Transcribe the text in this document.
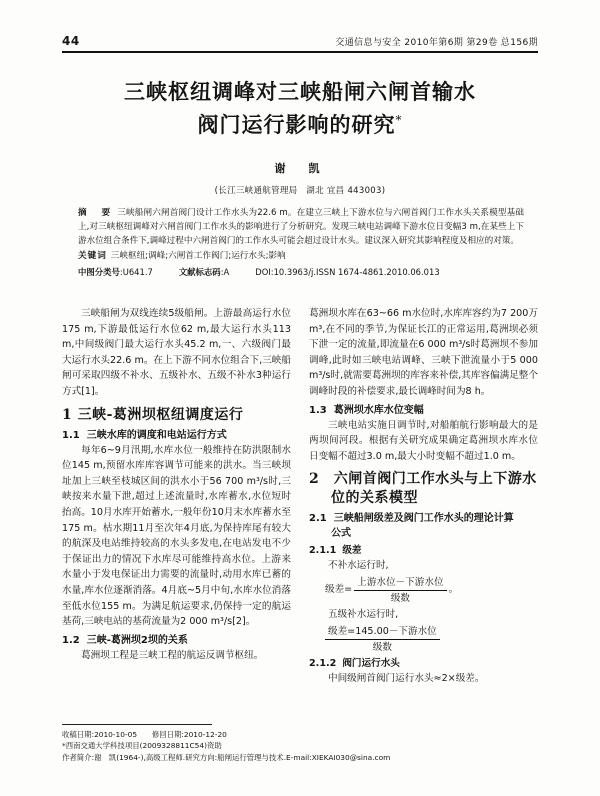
44	交通信息与安全 2010年第6期 第29卷 总156期
三峡枢纽调峰对三峡船闸六闸首输水
阀门运行影响的研究*
谢　凯
(长江三峡通航管理局　湖北 宜昌 443003)

摘　要 三峡船闸六闸首阀门设计工作水头为22.6 m。在建立三峡上下游水位与六闸首阀门工作水头关系模型基础上,对三峡枢纽调峰对六闸首阀门工作水头的影响进行了分析研究。发现三峡电站调峰下游水位日变幅3 m,在某些上下游水位组合条件下,调峰过程中六闸首阀门的工作水头可能会超过设计水头。建议深入研究其影响程度及相应的对策。

关键词 三峡枢纽;调峰;六闸首工作阀门;运行水头;影响

中图分类号:U641.7	文献标志码:A	DOI:10.3963/j.ISSN 1674-4861.2010.06.013

三峡船闸为双线连续5级船闸。上游最高运行水位175 m,下游最低运行水位62 m,最大运行水头113 m,中间级阀门最大运行水头45.2 m,一、六级阀门最大运行水头22.6 m。在上下游不同水位组合下,三峡船闸可采取四级不补水、五级补水、五级不补水3种运行方式[1]。

1 三峡-葛洲坝枢纽调度运行
1.1 三峡水库的调度和电站运行方式

每年6~9月汛期,水库水位一般维持在防洪限制水位145 m,预留水库库容调节可能来的洪水。当三峡坝址加上三峡至枝城区间的洪水小于56 700 m³/s时,三峡按来水量下泄,超过上述流量时,水库蓄水,水位短时抬高。10月水库开始蓄水,一般年份10月末水库蓄水至175 m。枯水期11月至次年4月底,为保持库尾有较大的航深及电站维持较高的水头多发电,在电站发电不少于保证出力的情况下水库尽可能维持高水位。上游来水量小于发电保证出力需要的流量时,动用水库已蓄的水量,库水位逐渐消落。4月底~5月中旬,水库水位消落至低水位155 m。为满足航运要求,仍保持一定的航运基荷,三峡电站的基荷流量为2 000 m³/s[2]。

1.2 三峡-葛洲坝2坝的关系

葛洲坝工程是三峡工程的航运反调节枢纽。

葛洲坝水库在63~66 m水位时,水库库容约为7 200万m³,在不同的季节,为保证长江的正常运用,葛洲坝必须下泄一定的流量,即流量在6 000 m³/s时葛洲坝不参加调峰,此时如三峡电站调峰、三峡下泄流量小于5 000 m³/s时,就需要葛洲坝的库容来补偿,其库容偏满足整个调峰时段的补偿要求,最长调峰时间为8 h。

1.3 葛洲坝水库水位变幅

三峡电站实施日调节时,对船舶航行影响最大的是两坝间河段。根据有关研究成果确定葛洲坝水库水位日变幅不超过3.0 m,最大小时变幅不超过1.0 m。

2　六闸首阀门工作水头与上下游水

位的关系模型
2.1 三峡船闸级差及阀门工作水头的理论计算

公式
2.1.1 级差

不补水运行时,

级差= $\frac{\text{上游水位－下游水位}}{\text{级数}}$ 。

五级补水运行时,

$\frac{\text{级差=145.00－下游水位}}{\text{级数}}$
2.1.2 阀门运行水头

中间级闸首阀门运行水头≈2×级差。

收稿日期:2010-10-05　　 修回日期:2010-12-20

*西南交通大学科技项目(2009328811C54)资助

作者简介:谢　凯(1964-),高级工程师.研究方向:船闸运行管理与技术.E-mail:XIEKAI030@sina.com
